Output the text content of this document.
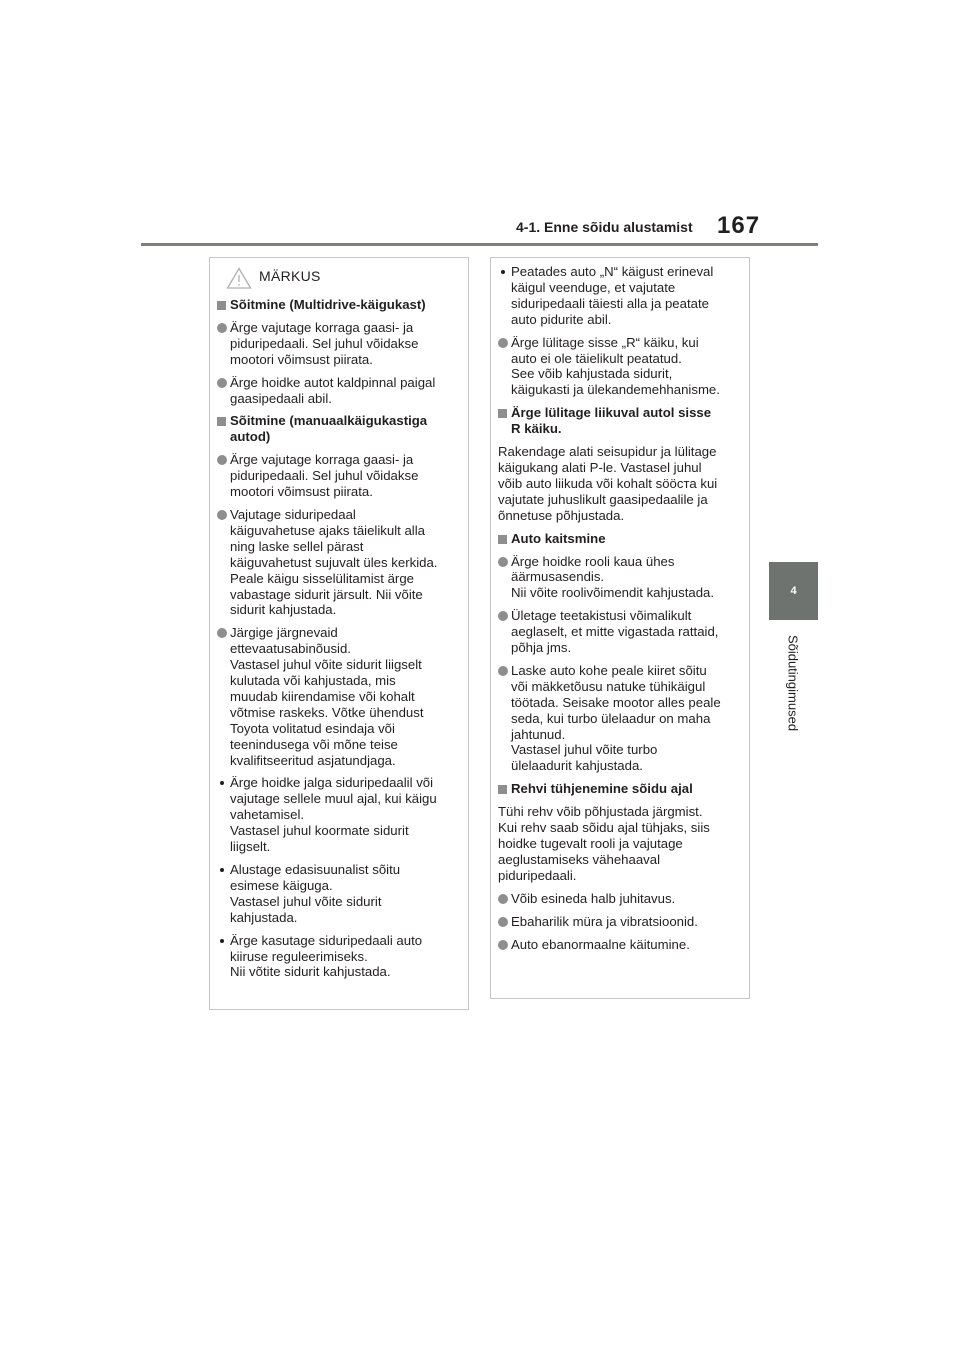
4-1. Enne sõidu alustamist 167
4
Sõidutingimused
MÄRKUS
Sõitmine (Multidrive-käigukast)
Ärge vajutage korraga gaasi- ja
piduripedaali. Sel juhul võidakse
mootori võimsust piirata.
Ärge hoidke autot kaldpinnal paigal
gaasipedaali abil.
Sõitmine (manuaalkäigukastiga
autod)
Ärge vajutage korraga gaasi- ja
piduripedaali. Sel juhul võidakse
mootori võimsust piirata.
Vajutage siduripedaal
käiguvahetuse ajaks täielikult alla
ning laske sellel pärast
käiguvahetust sujuvalt üles kerkida.
Peale käigu sisselülitamist ärge
vabastage sidurit järsult. Nii võite
sidurit kahjustada.
Järgige järgnevaid
ettevaatusabinõusid.
Vastasel juhul võite sidurit liigselt
kulutada või kahjustada, mis
muudab kiirendamise või kohalt
võtmise raskeks. Võtke ühendust
Toyota volitatud esindaja või
teenindusega või mõne teise
kvalifitseeritud asjatundjaga.
Ärge hoidke jalga siduripedaalil või
vajutage sellele muul ajal, kui käigu
vahetamisel.
Vastasel juhul koormate sidurit
liigselt.
Alustage edasisuunalist sõitu
esimese käiguga.
Vastasel juhul võite sidurit
kahjustada.
Ärge kasutage siduripedaali auto
kiiruse reguleerimiseks.
Nii võtite sidurit kahjustada.
Peatades auto „N“ käigust erineval
käigul veenduge, et vajutate
siduripedaali täiesti alla ja peatate
auto pidurite abil.
Ärge lülitage sisse „R“ käiku, kui
auto ei ole täielikult peatatud.
See võib kahjustada sidurit,
käigukasti ja ülekandemehhanisme.
Ärge lülitage liikuval autol sisse
R käiku.
Rakendage alati seisupidur ja lülitage
käigukang alati P-le. Vastasel juhul
võib auto liikuda või kohalt sööста kui
vajutate juhuslikult gaasipedaalile ja
õnnetuse põhjustada.
Auto kaitsmine
Ärge hoidke rooli kaua ühes
äärmusasendis.
Nii võite roolivõimendit kahjustada.
Ületage teetakistusi võimalikult
aeglaselt, et mitte vigastada rattaid,
põhja jms.
Laske auto kohe peale kiiret sõitu
või mäkketõusu natuke tühikäigul
töötada. Seisake mootor alles peale
seda, kui turbo ülelaadur on maha
jahtunud.
Vastasel juhul võite turbo
ülelaadurit kahjustada.
Rehvi tühjenemine sõidu ajal
Tühi rehv võib põhjustada järgmist.
Kui rehv saab sõidu ajal tühjaks, siis
hoidke tugevalt rooli ja vajutage
aeglustamiseks vähehaaval
piduripedaali.
Võib esineda halb juhitavus.
Ebaharilik müra ja vibratsioonid.
Auto ebanormaalne käitumine.
